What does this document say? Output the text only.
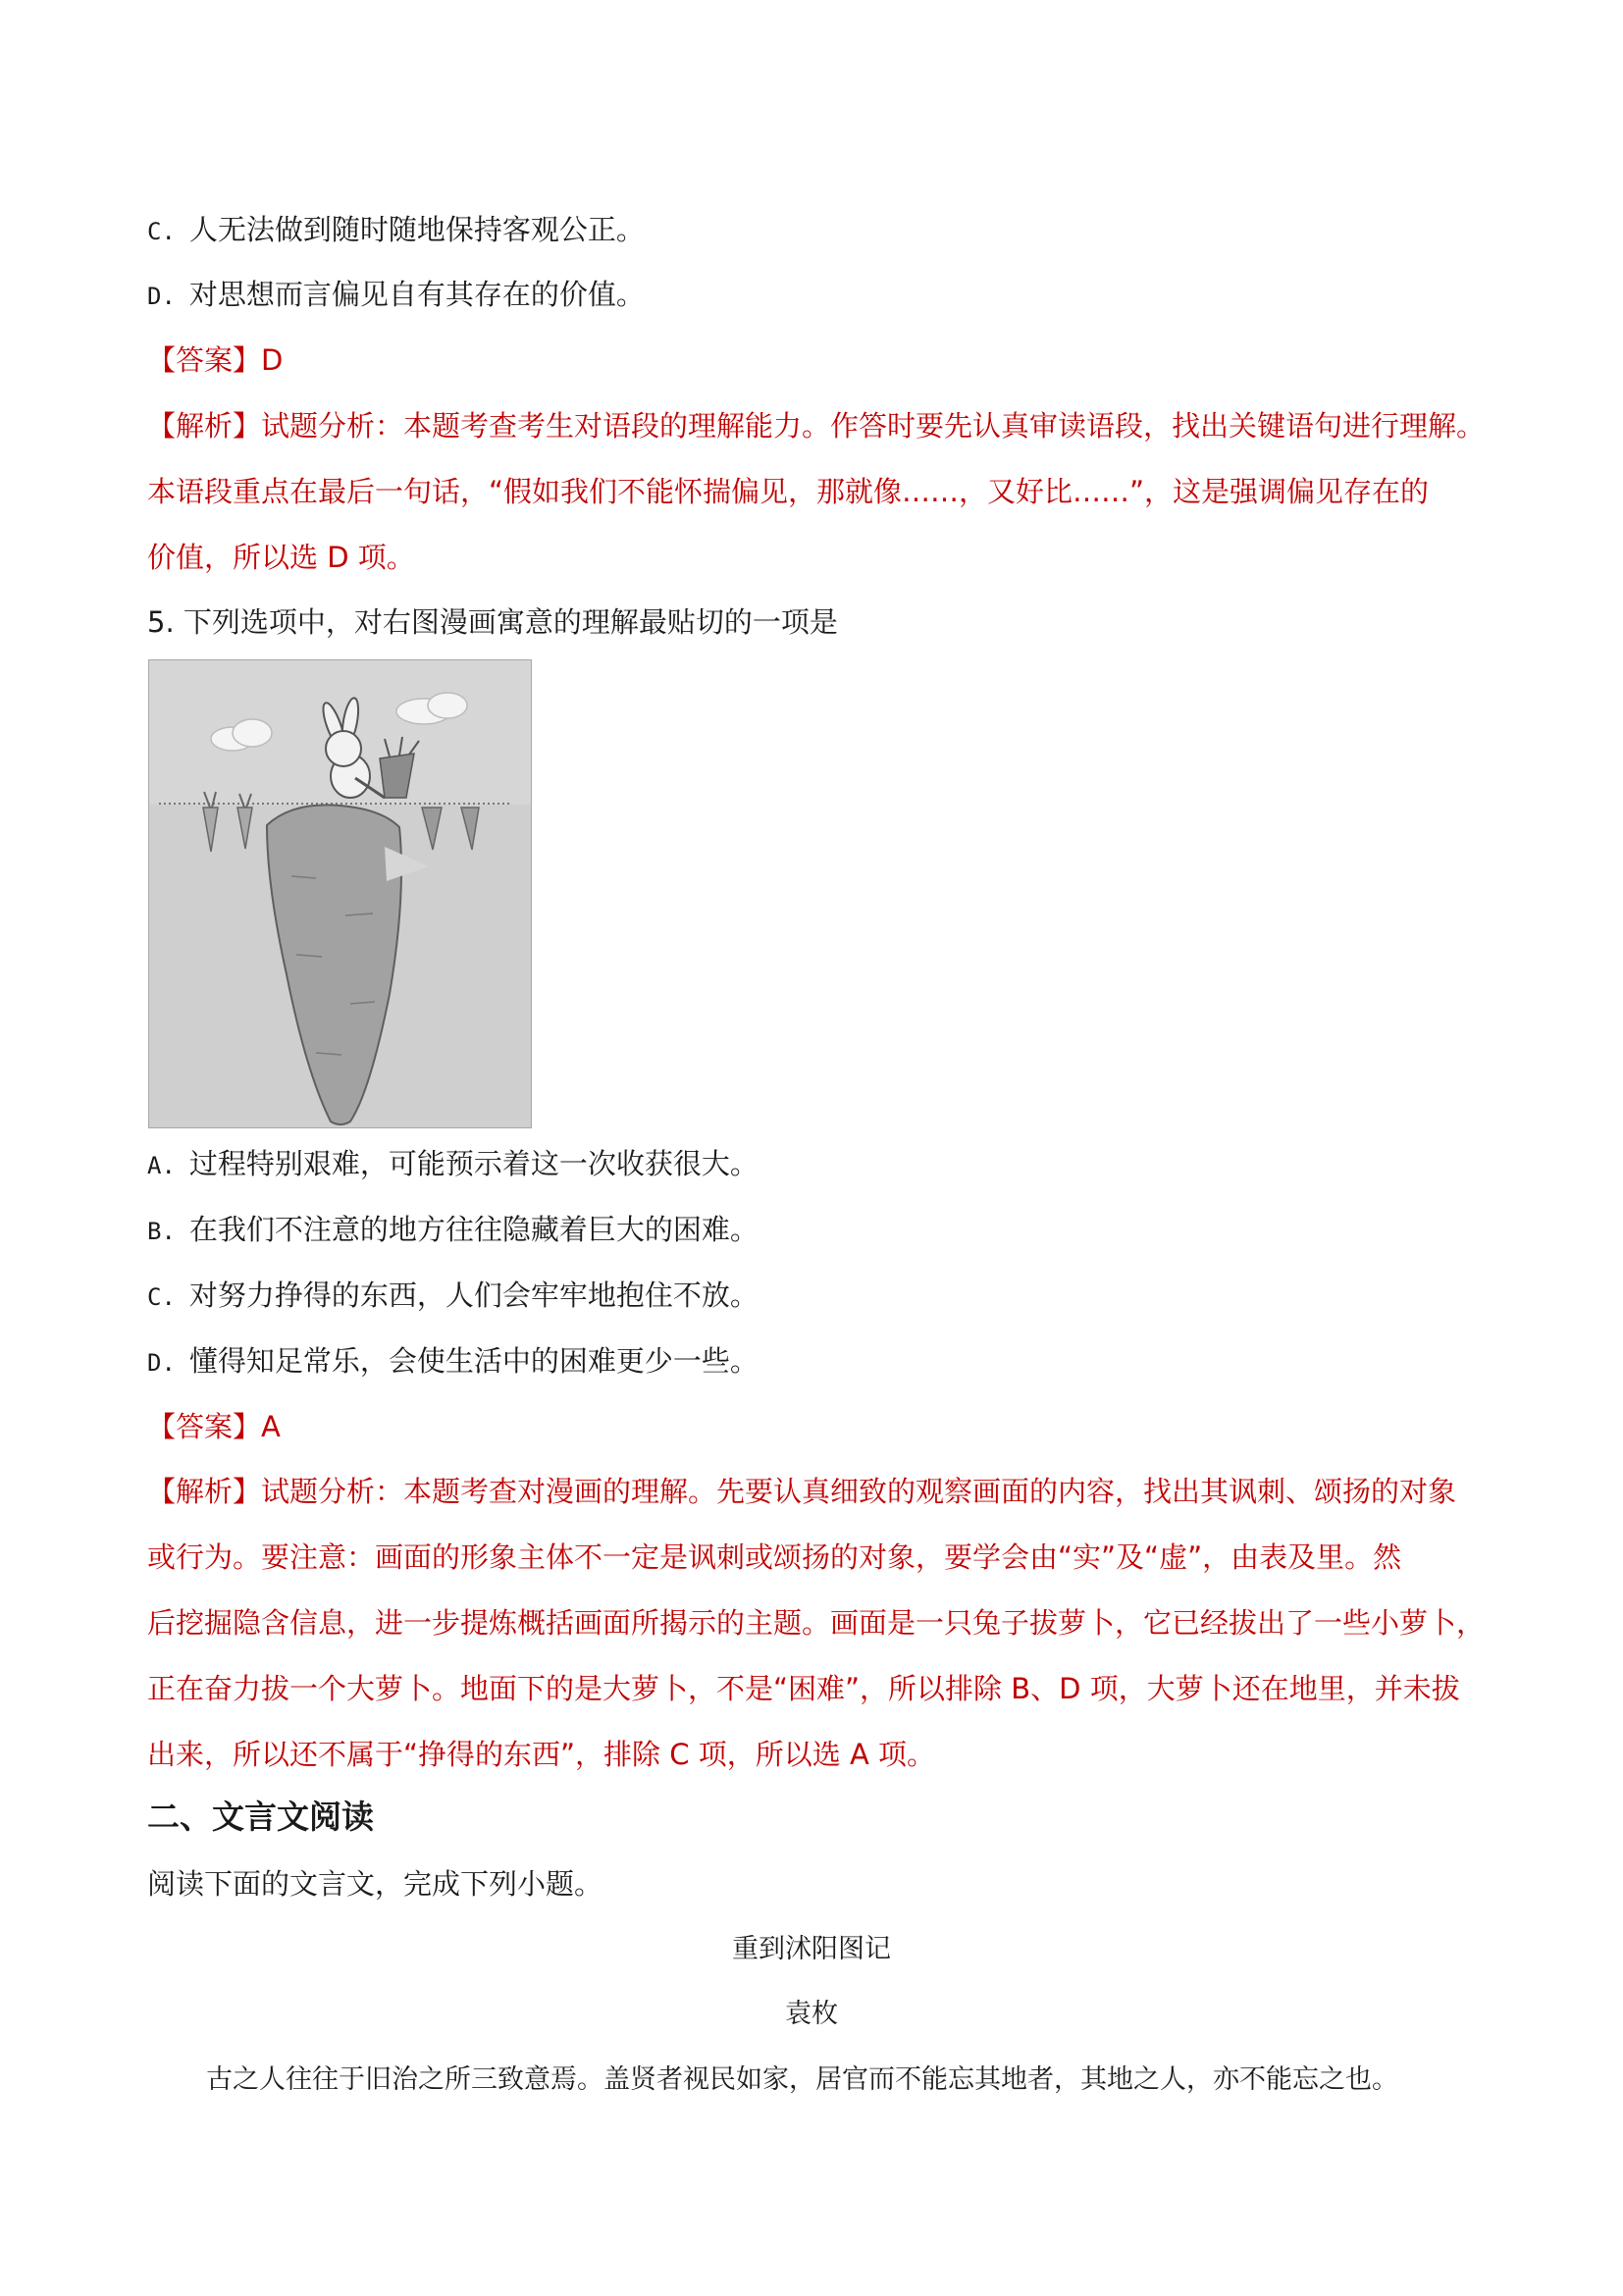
C. 人无法做到随时随地保持客观公正。
D. 对思想而言偏见自有其存在的价值。
【答案】D
【解析】试题分析：本题考查考生对语段的理解能力。作答时要先认真审读语段，找出关键语句进行理解。
本语段重点在最后一句话，“假如我们不能怀揣偏见，那就像……，又好比……”，这是强调偏见存在的
价值，所以选 D 项。
5. 下列选项中，对右图漫画寓意的理解最贴切的一项是
A. 过程特别艰难，可能预示着这一次收获很大。
B. 在我们不注意的地方往往隐藏着巨大的困难。
C. 对努力挣得的东西，人们会牢牢地抱住不放。
D. 懂得知足常乐，会使生活中的困难更少一些。
【答案】A
【解析】试题分析：本题考查对漫画的理解。先要认真细致的观察画面的内容，找出其讽刺、颂扬的对象
或行为。要注意：画面的形象主体不一定是讽刺或颂扬的对象，要学会由“实”及“虚”，由表及里。然
后挖掘隐含信息，进一步提炼概括画面所揭示的主题。画面是一只兔子拔萝卜，它已经拔出了一些小萝卜，
正在奋力拔一个大萝卜。地面下的是大萝卜，不是“困难”，所以排除 B、D 项，大萝卜还在地里，并未拔
出来，所以还不属于“挣得的东西”，排除 C 项，所以选 A 项。
二、文言文阅读
阅读下面的文言文，完成下列小题。
重到沭阳图记
袁枚
古之人往往于旧治之所三致意焉。盖贤者视民如家，居官而不能忘其地者，其地之人，亦不能忘之也。
